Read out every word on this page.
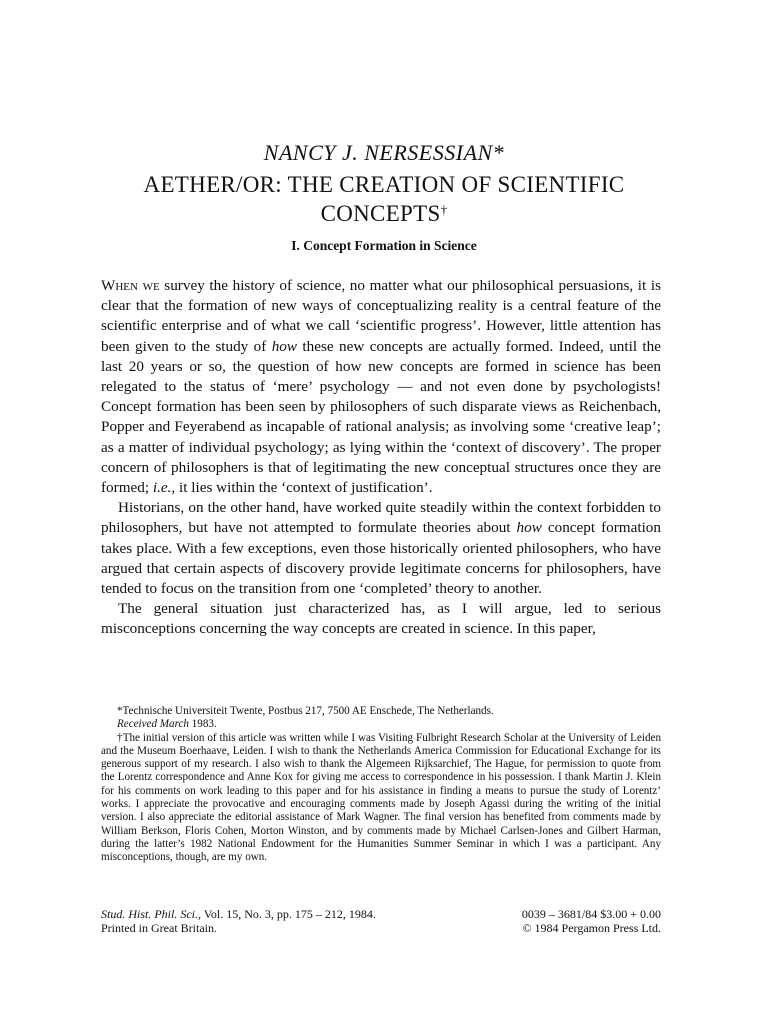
NANCY J. NERSESSIAN*
AETHER/OR: THE CREATION OF SCIENTIFIC
CONCEPTS†
I. Concept Formation in Science

When we survey the history of science, no matter what our philosophical persuasions, it is clear that the formation of new ways of conceptualizing reality is a central feature of the scientific enterprise and of what we call ‘scientific progress’. However, little attention has been given to the study of how these new concepts are actually formed. Indeed, until the last 20 years or so, the question of how new concepts are formed in science has been relegated to the status of ‘mere’ psychology — and not even done by psychologists! Concept formation has been seen by philosophers of such disparate views as Reichenbach, Popper and Feyerabend as incapable of rational analysis; as involving some ‘creative leap’; as a matter of individual psychology; as lying within the ‘context of discovery’. The proper concern of philosophers is that of legitimating the new conceptual structures once they are formed; i.e., it lies within the ‘context of justification’.

Historians, on the other hand, have worked quite steadily within the context forbidden to philosophers, but have not attempted to formulate theories about how concept formation takes place. With a few exceptions, even those historically oriented philosophers, who have argued that certain aspects of discovery provide legitimate concerns for philosophers, have tended to focus on the transition from one ‘completed’ theory to another.

The general situation just characterized has, as I will argue, led to serious misconceptions concerning the way concepts are created in science. In this paper,

*Technische Universiteit Twente, Postbus 217, 7500 AE Enschede, The Netherlands.

Received March 1983.

†The initial version of this article was written while I was Visiting Fulbright Research Scholar at the University of Leiden and the Museum Boerhaave, Leiden. I wish to thank the Netherlands America Commission for Educational Exchange for its generous support of my research. I also wish to thank the Algemeen Rijksarchief, The Hague, for permission to quote from the Lorentz correspondence and Anne Kox for giving me access to correspondence in his possession. I thank Martin J. Klein for his comments on work leading to this paper and for his assistance in finding a means to pursue the study of Lorentz’ works. I appreciate the provocative and encouraging comments made by Joseph Agassi during the writing of the initial version. I also appreciate the editorial assistance of Mark Wagner. The final version has benefited from comments made by William Berkson, Floris Cohen, Morton Winston, and by comments made by Michael Carlsen-Jones and Gilbert Harman, during the latter’s 1982 National Endowment for the Humanities Summer Seminar in which I was a participant. Any misconceptions, though, are my own.

Stud. Hist. Phil. Sci., Vol. 15, No. 3, pp. 175 – 212, 1984.	0039 – 3681/84 $3.00 + 0.00
Printed in Great Britain.	© 1984 Pergamon Press Ltd.
